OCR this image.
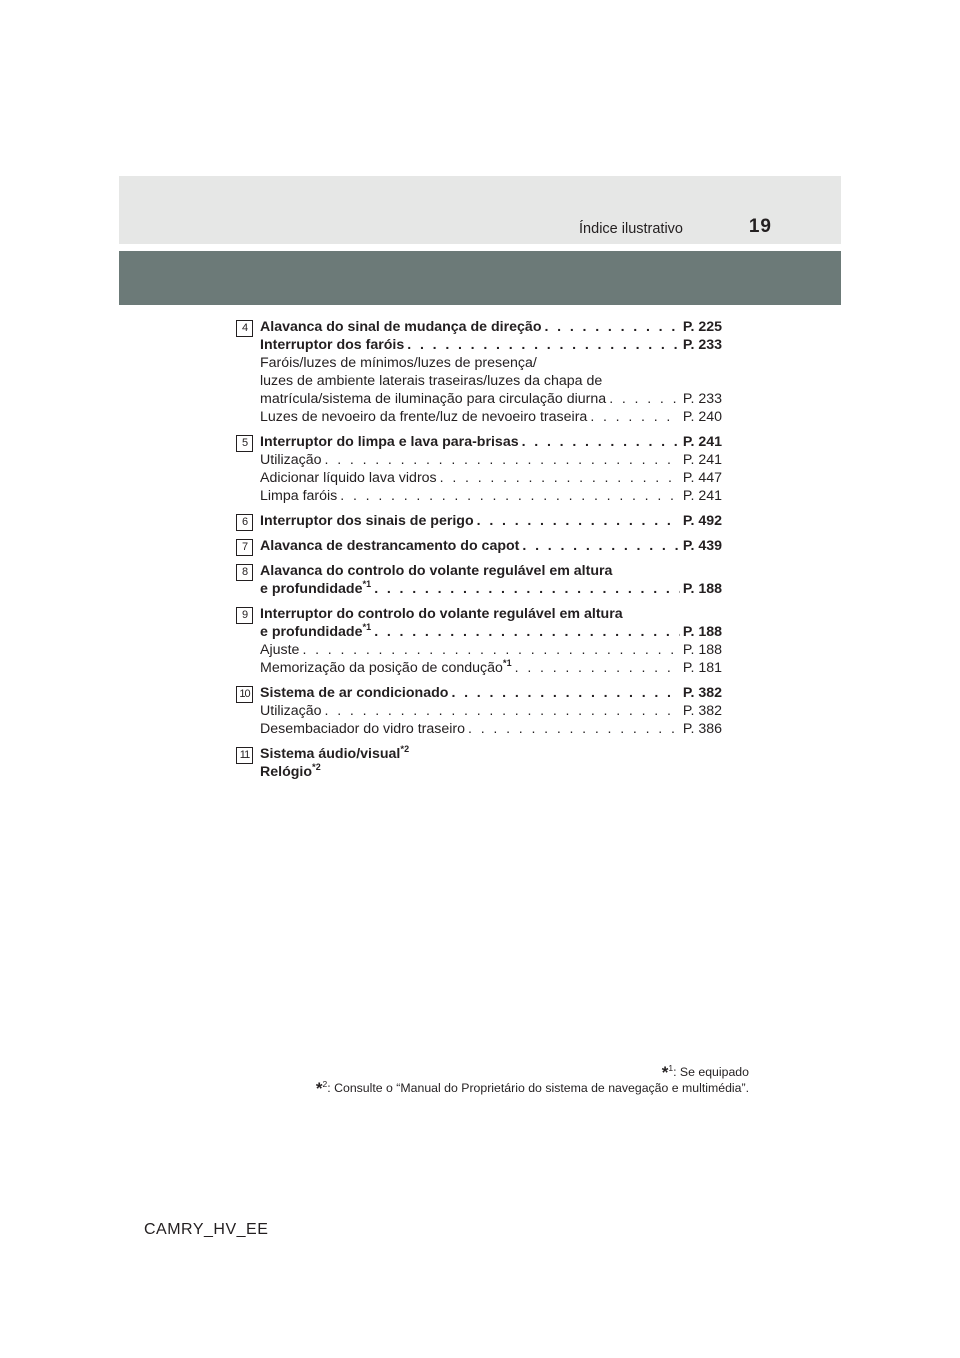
Índice ilustrativo	19
4 Alavanca do sinal de mudança de direção . . .	P. 225
Interruptor dos faróis . . .	P. 233
Faróis/luzes de mínimos/luzes de presença/
luzes de ambiente laterais traseiras/luzes da chapa de
matrícula/sistema de iluminação para circulação diurna . . .	P. 233
Luzes de nevoeiro da frente/luz de nevoeiro traseira . . .	P. 240
5 Interruptor do limpa e lava para-brisas . . .	P. 241
Utilização . . .	P. 241
Adicionar líquido lava vidros . . .	P. 447
Limpa faróis . . .	P. 241
6 Interruptor dos sinais de perigo . . .	P. 492
7 Alavanca de destrancamento do capot . . .	P. 439
8 Alavanca do controlo do volante regulável em altura
e profundidade$^{*1}$ . . .	P. 188
9 Interruptor do controlo do volante regulável em altura
e profundidade$^{*1}$ . . .	P. 188
Ajuste . . .	P. 188
Memorização da posição de condução$^{*1}$ . . .	P. 181
10 Sistema de ar condicionado . . .	P. 382
Utilização . . .	P. 382
Desembaciador do vidro traseiro . . .	P. 386
11 Sistema áudio/visual$^{*2}$
Relógio$^{*2}$
*$^1$: Se equipado
*$^2$: Consulte o “Manual do Proprietário do sistema de navegação e multimédia”.
CAMRY_HV_EE
